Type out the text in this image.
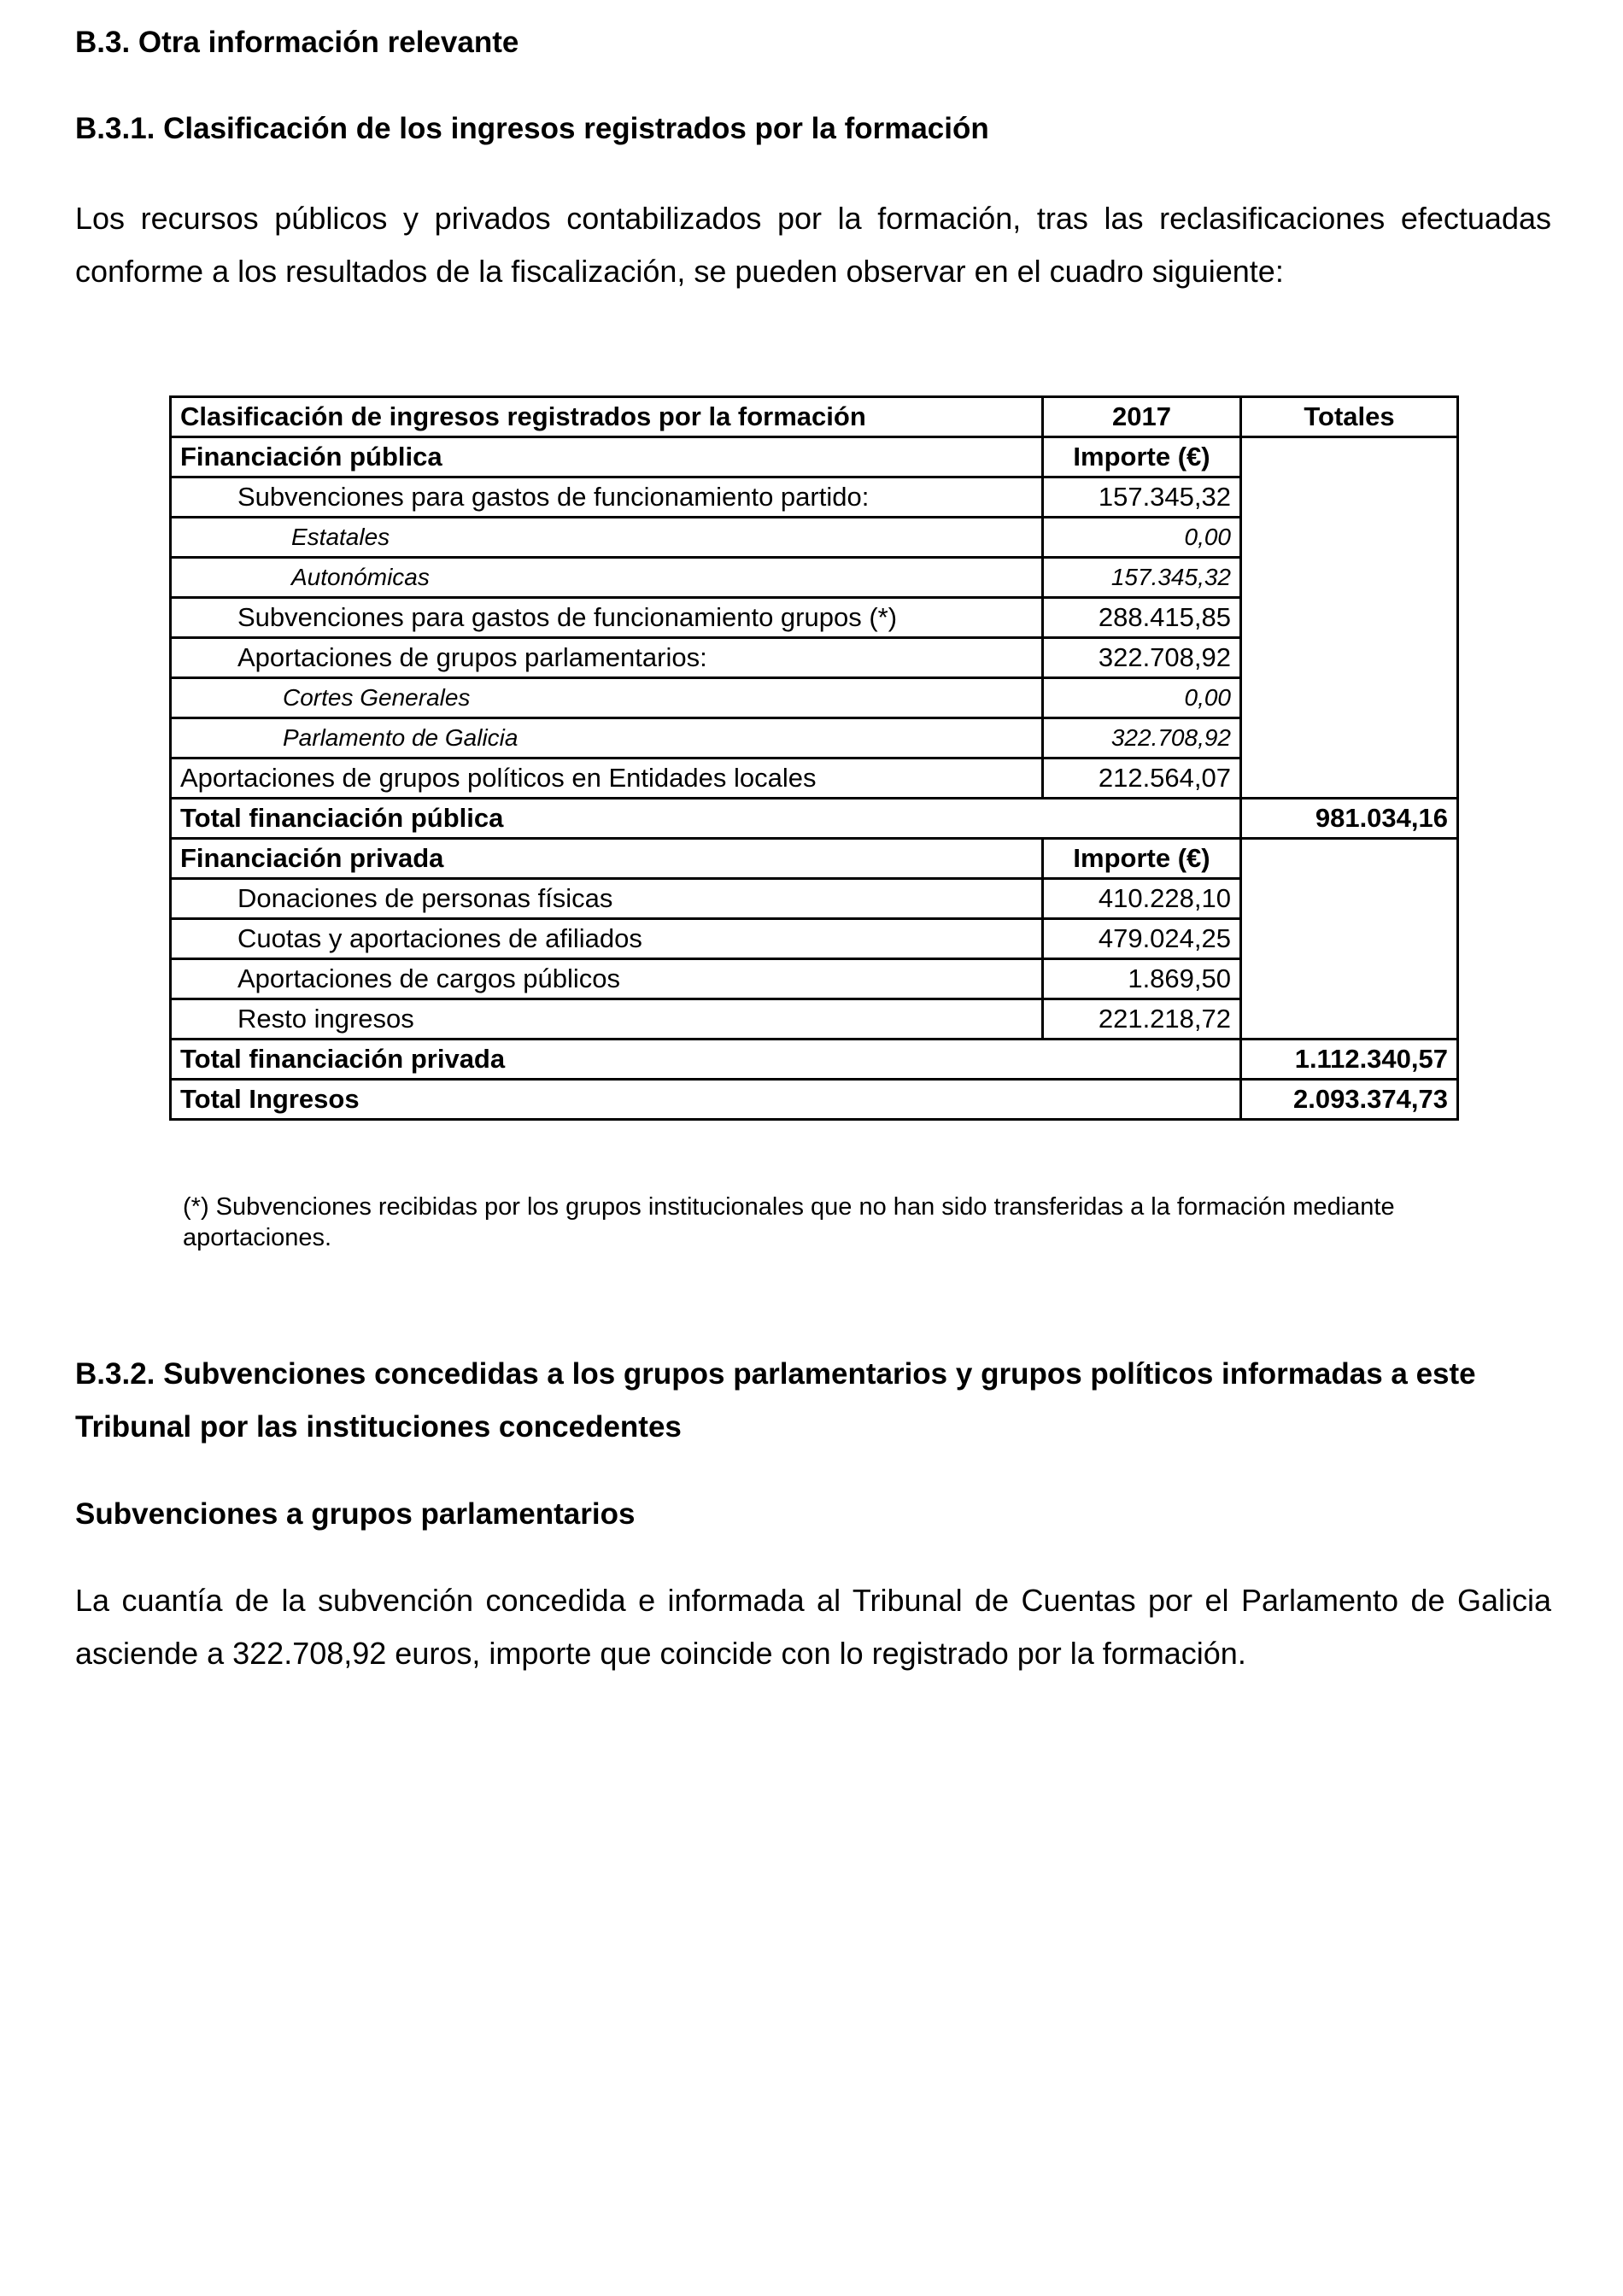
B.3. Otra información relevante
B.3.1. Clasificación de los ingresos registrados por la formación

Los recursos públicos y privados contabilizados por la formación, tras las reclasificaciones efectuadas conforme a los resultados de la fiscalización, se pueden observar en el cuadro siguiente:

Clasificación de ingresos registrados por la formación	2017	Totales
Financiación pública	Importe (€)	
Subvenciones para gastos de funcionamiento partido:	157.345,32	
Estatales	0,00	
Autonómicas	157.345,32	
Subvenciones para gastos de funcionamiento grupos (*)	288.415,85	
Aportaciones de grupos parlamentarios:	322.708,92	
Cortes Generales	0,00	
Parlamento de Galicia	322.708,92	
Aportaciones de grupos políticos en Entidades locales	212.564,07	
Total financiación pública		981.034,16
Financiación privada	Importe (€)	
Donaciones de personas físicas	410.228,10	
Cuotas y aportaciones de afiliados	479.024,25	
Aportaciones de cargos públicos	1.869,50	
Resto ingresos	221.218,72	
Total financiación privada		1.112.340,57
Total Ingresos		2.093.374,73

(*) Subvenciones recibidas por los grupos institucionales que no han sido transferidas a la formación mediante aportaciones.

B.3.2. Subvenciones concedidas a los grupos parlamentarios y grupos políticos informadas a este Tribunal por las instituciones concedentes
Subvenciones a grupos parlamentarios

La cuantía de la subvención concedida e informada al Tribunal de Cuentas por el Parlamento de Galicia asciende a 322.708,92 euros, importe que coincide con lo registrado por la formación.
